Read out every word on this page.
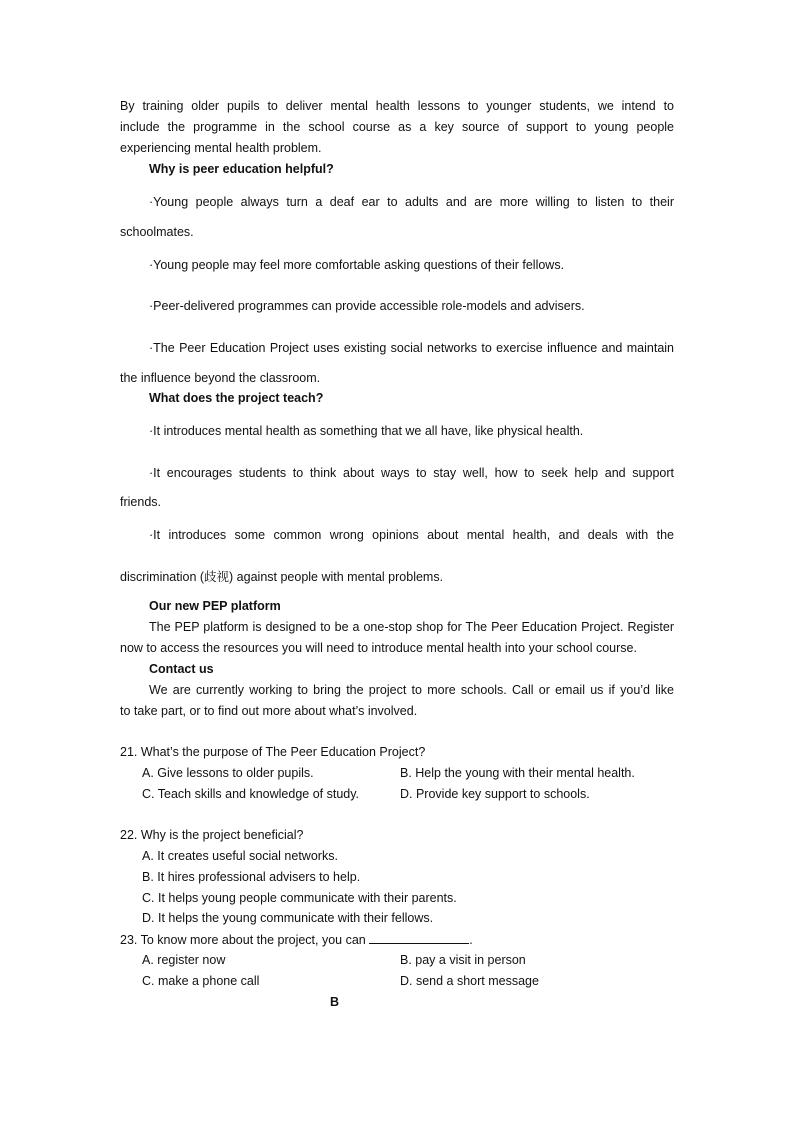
By training older pupils to deliver mental health lessons to younger students, we intend to
include the programme in the school course as a key source of support to young people
experiencing mental health problem.
Why is peer education helpful?
·Young people always turn a deaf ear to adults and are more willing to listen to their
schoolmates.
·Young people may feel more comfortable asking questions of their fellows.
·Peer-delivered programmes can provide accessible role-models and advisers.
·The Peer Education Project uses existing social networks to exercise influence and maintain
the influence beyond the classroom.
What does the project teach?
·It introduces mental health as something that we all have, like physical health.
·It encourages students to think about ways to stay well, how to seek help and support
friends.
·It introduces some common wrong opinions about mental health, and deals with the
discrimination (歧视) against people with mental problems.
Our new PEP platform
The PEP platform is designed to be a one-stop shop for The Peer Education Project. Register
now to access the resources you will need to introduce mental health into your school course.
Contact us
We are currently working to bring the project to more schools. Call or email us if you’d like
to take part, or to find out more about what’s involved.
21. What’s the purpose of The Peer Education Project?
A. Give lessons to older pupils.	B. Help the young with their mental health.
C. Teach skills and knowledge of study.	D. Provide key support to schools.
22. Why is the project beneficial?
A. It creates useful social networks.
B. It hires professional advisers to help.
C. It helps young people communicate with their parents.
D. It helps the young communicate with their fellows.
23. To know more about the project, you can	.
A. register now	B. pay a visit in person
C. make a phone call	D. send a short message
B
